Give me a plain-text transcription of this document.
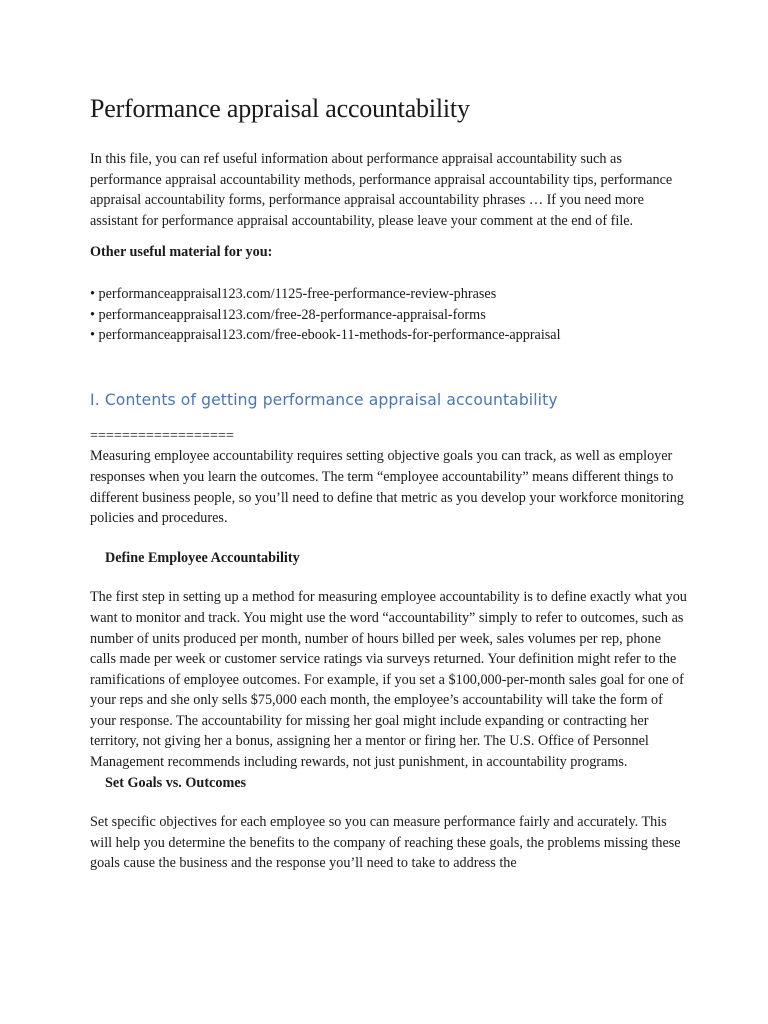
Performance appraisal accountability

In this file, you can ref useful information about performance appraisal accountability such as performance appraisal accountability methods, performance appraisal accountability tips, performance appraisal accountability forms, performance appraisal accountability phrases … If you need more assistant for performance appraisal accountability, please leave your comment at the end of file.

Other useful material for you:

• performanceappraisal123.com/1125-free-performance-review-phrases
• performanceappraisal123.com/free-28-performance-appraisal-forms
• performanceappraisal123.com/free-ebook-11-methods-for-performance-appraisal
I. Contents of getting performance appraisal accountability

==================

Measuring employee accountability requires setting objective goals you can track, as well as employer responses when you learn the outcomes. The term “employee accountability” means different things to different business people, so you’ll need to define that metric as you develop your workforce monitoring policies and procedures.

Define Employee Accountability

The first step in setting up a method for measuring employee accountability is to define exactly what you want to monitor and track. You might use the word “accountability” simply to refer to outcomes, such as number of units produced per month, number of hours billed per week, sales volumes per rep, phone calls made per week or customer service ratings via surveys returned. Your definition might refer to the ramifications of employee outcomes. For example, if you set a $100,000-per-month sales goal for one of your reps and she only sells $75,000 each month, the employee’s accountability will take the form of your response. The accountability for missing her goal might include expanding or contracting her territory, not giving her a bonus, assigning her a mentor or firing her. The U.S. Office of Personnel Management recommends including rewards, not just punishment, in accountability programs.

Set Goals vs. Outcomes

Set specific objectives for each employee so you can measure performance fairly and accurately. This will help you determine the benefits to the company of reaching these goals, the problems missing these goals cause the business and the response you’ll need to take to address the
